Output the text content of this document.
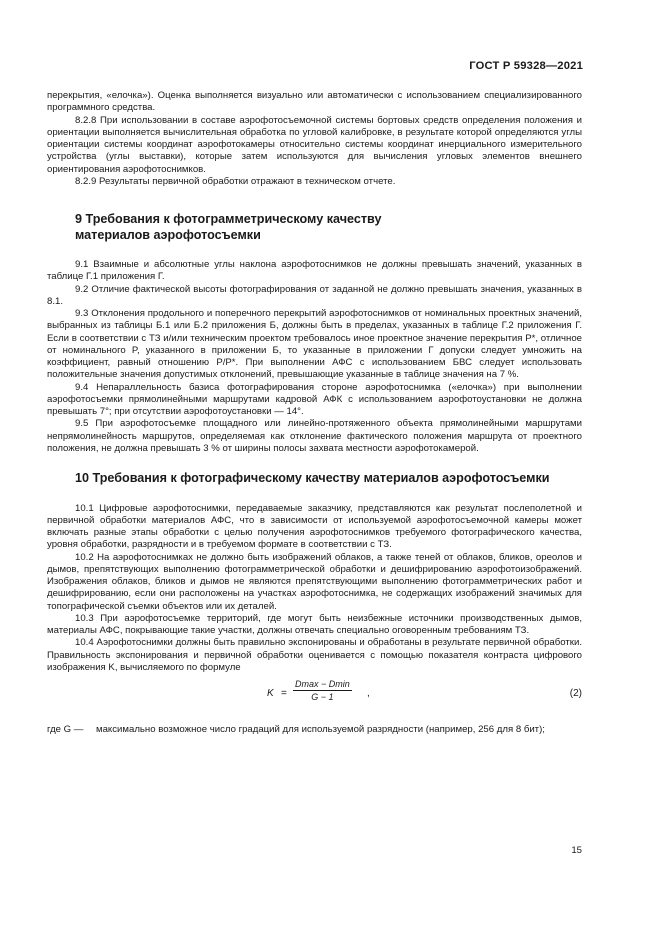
ГОСТ Р 59328—2021

перекрытия, «елочка»). Оценка выполняется визуально или автоматически с использованием специализированного программного средства.

8.2.8 При использовании в составе аэрофотосъемочной системы бортовых средств определения положения и ориентации выполняется вычислительная обработка по угловой калибровке, в результате которой определяются углы ориентации системы координат аэрофотокамеры относительно системы координат инерциального измерительного устройства (углы выставки), которые затем используются для вычисления угловых элементов внешнего ориентирования аэрофотоснимков.

8.2.9 Результаты первичной обработки отражают в техническом отчете.

9 Требования к фотограмметрическому качеству
материалов аэрофотосъемки

9.1 Взаимные и абсолютные углы наклона аэрофотоснимков не должны превышать значений, указанных в таблице Г.1 приложения Г.

9.2 Отличие фактической высоты фотографирования от заданной не должно превышать значения, указанных в 8.1.

9.3 Отклонения продольного и поперечного перекрытий аэрофотоснимков от номинальных проектных значений, выбранных из таблицы Б.1 или Б.2 приложения Б, должны быть в пределах, указанных в таблице Г.2 приложения Г. Если в соответствии с ТЗ и/или техническим проектом требовалось иное проектное значение перекрытия P*, отличное от номинального P, указанного в приложении Б, то указанные в приложении Г допуски следует умножить на коэффициент, равный отношению P/P*. При выполнении АФС с использованием БВС следует использовать положительные значения допустимых отклонений, превышающие указанные в таблице значения на 7 %.

9.4 Непараллельность базиса фотографирования стороне аэрофотоснимка («елочка») при выполнении аэрофотосъемки прямолинейными маршрутами кадровой АФК с использованием аэрофотоустановки не должна превышать 7°; при отсутствии аэрофотоустановки — 14°.

9.5 При аэрофотосъемке площадного или линейно-протяженного объекта прямолинейными маршрутами непрямолинейность маршрутов, определяемая как отклонение фактического положения маршрута от проектного положения, не должна превышать 3 % от ширины полосы захвата местности аэрофотокамерой.

10 Требования к фотографическому качеству материалов аэрофотосъемки

10.1 Цифровые аэрофотоснимки, передаваемые заказчику, представляются как результат послеполетной и первичной обработки материалов АФС, что в зависимости от используемой аэрофотосъемочной камеры может включать разные этапы обработки с целью получения аэрофотоснимков требуемого фотографического качества, уровня обработки, разрядности и в требуемом формате в соответствии с ТЗ.

10.2 На аэрофотоснимках не должно быть изображений облаков, а также теней от облаков, бликов, ореолов и дымов, препятствующих выполнению фотограмметрической обработки и дешифрированию аэрофотоизображений. Изображения облаков, бликов и дымов не являются препятствующими выполнению фотограмметрических работ и дешифрированию, если они расположены на участках аэрофотоснимка, не содержащих изображений значимых для топографической съемки объектов или их деталей.

10.3 При аэрофотосъемке территорий, где могут быть неизбежные источники производственных дымов, материалы АФС, покрывающие такие участки, должны отвечать специально оговоренным требованиям ТЗ.

10.4 Аэрофотоснимки должны быть правильно экспонированы и обработаны в результате первичной обработки. Правильность экспонирования и первичной обработки оценивается с помощью показателя контраста цифрового изображения K, вычисляемого по формуле

K =
Dmax − Dmin
G − 1	,	(2)
где G —	максимально возможное число градаций для используемой разрядности (например, 256 для 8 бит);
15
